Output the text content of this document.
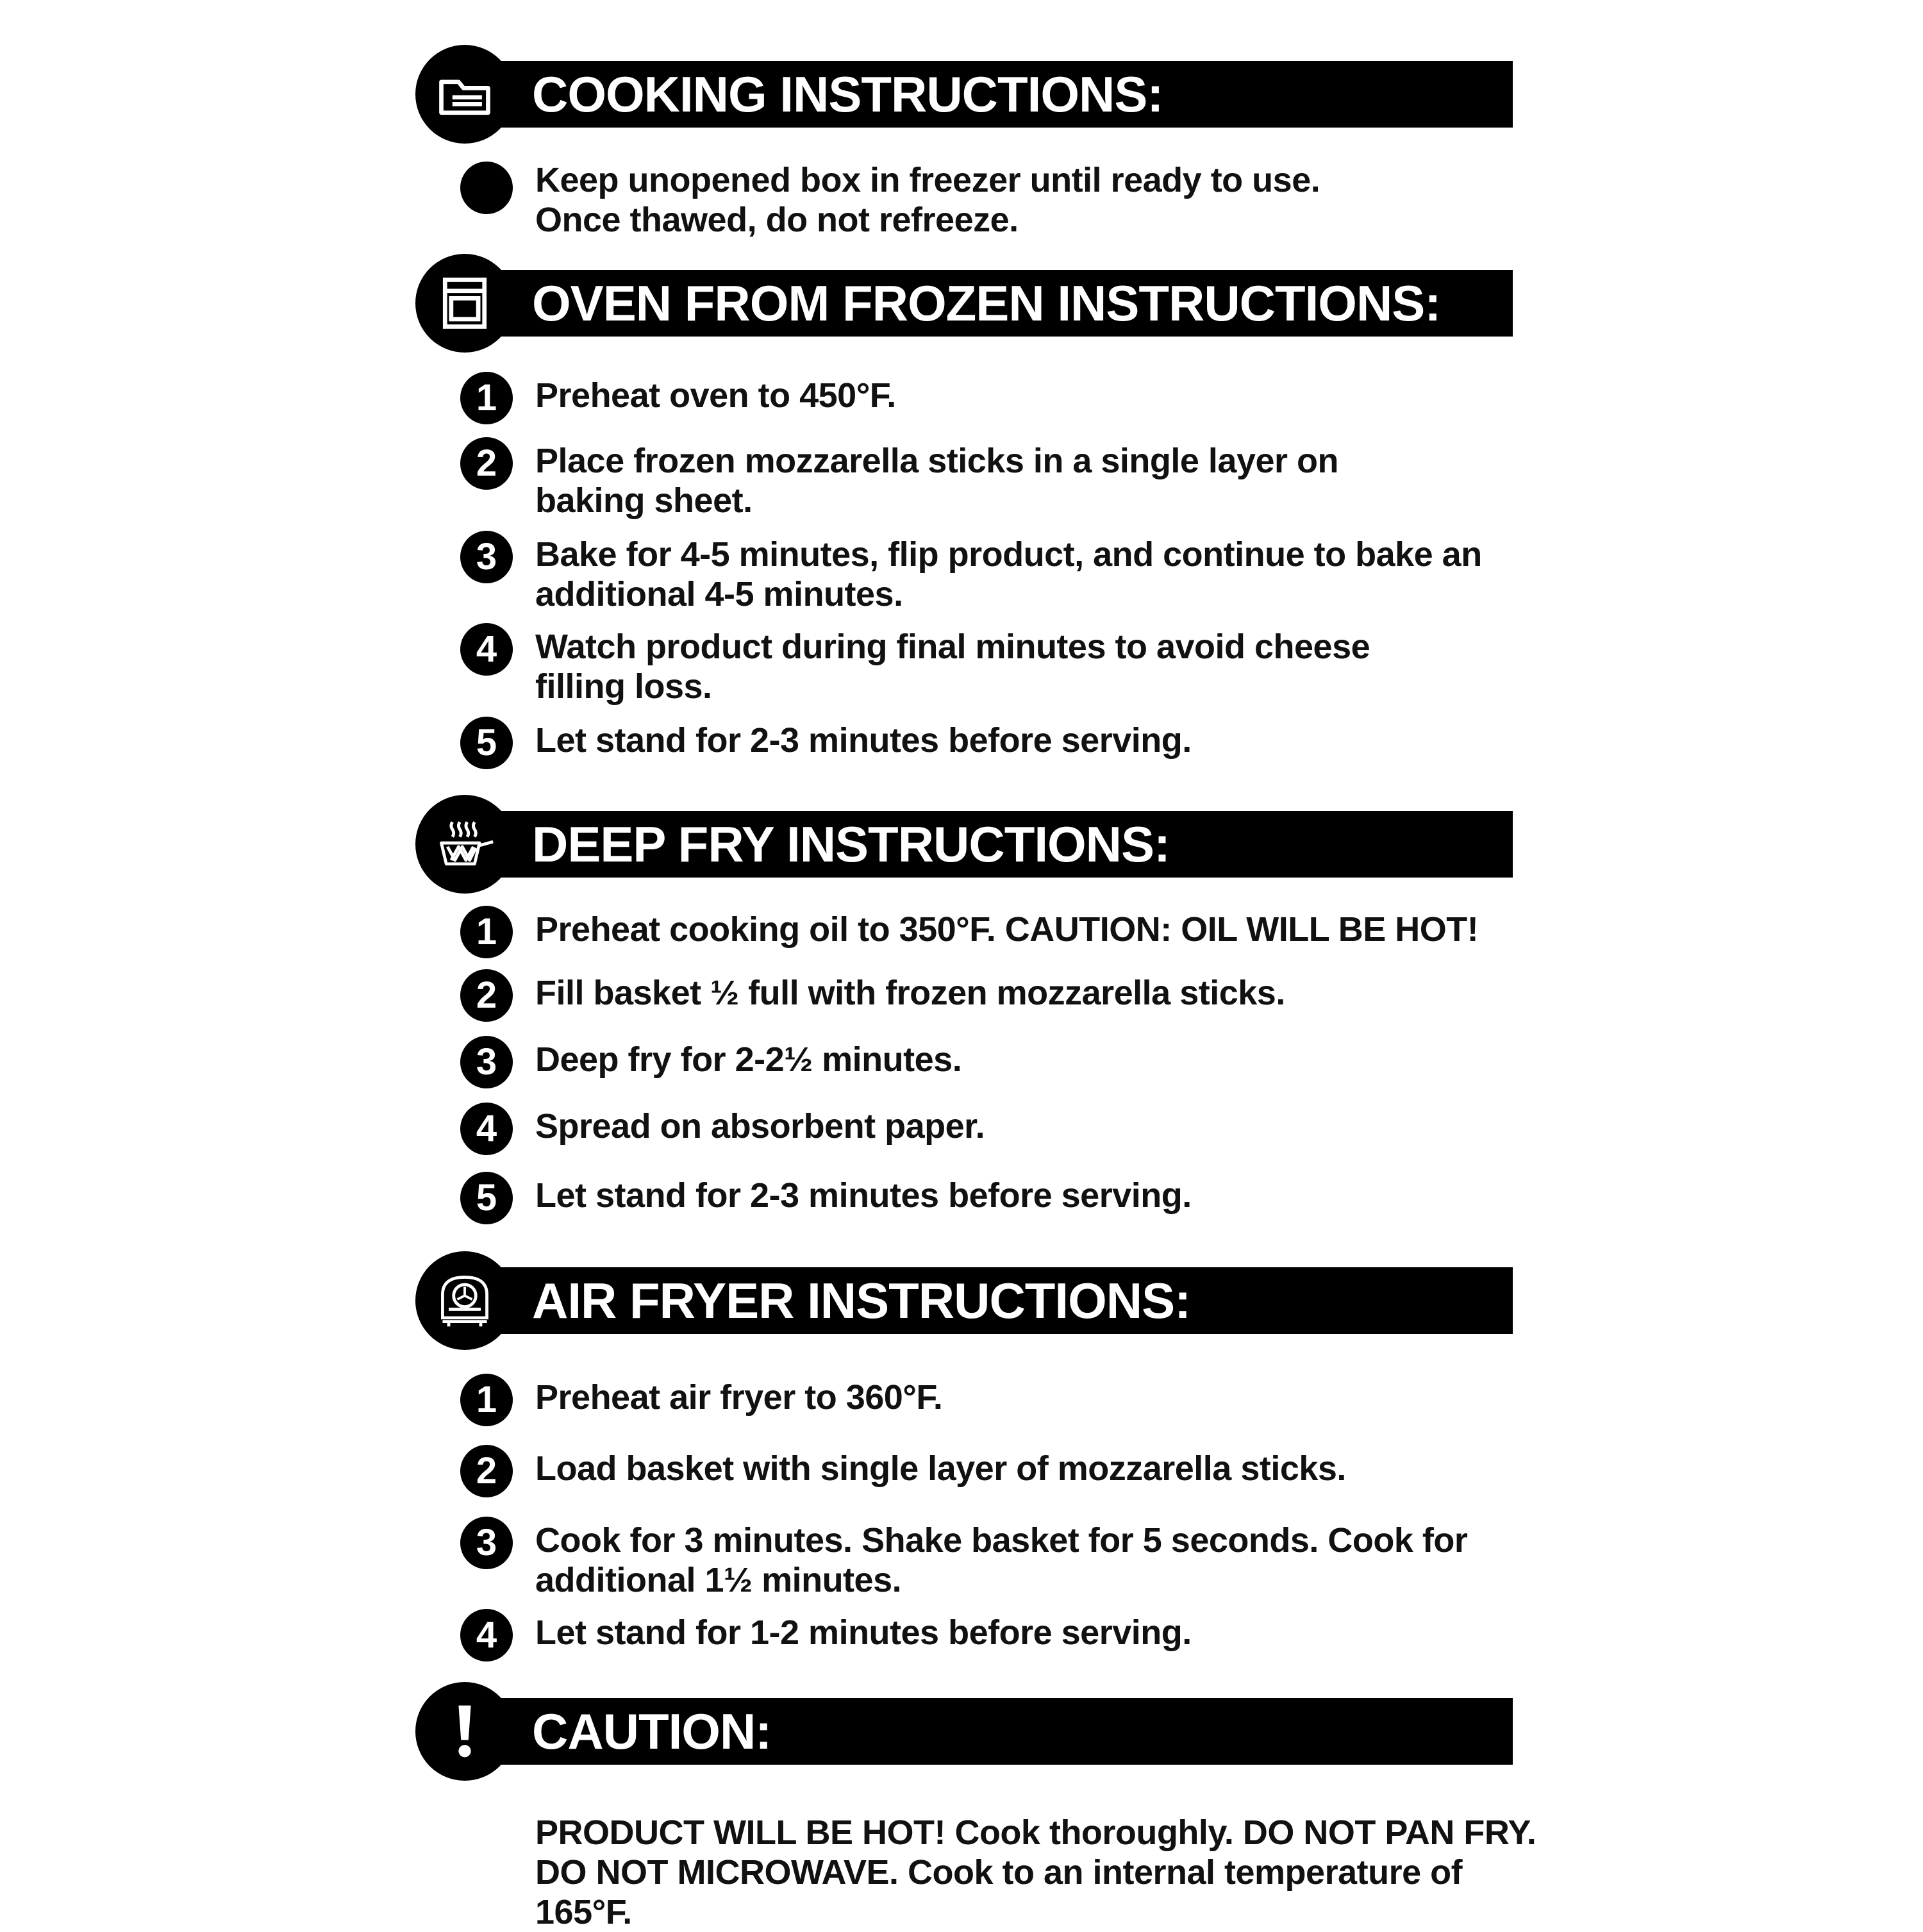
COOKING INSTRUCTIONS:
Keep unopened box in freezer until ready to use.
Once thawed, do not refreeze.
OVEN FROM FROZEN INSTRUCTIONS:
1	Preheat oven to 450°F.
2	Place frozen mozzarella sticks in a single layer on
baking sheet.
3	Bake for 4-5 minutes, flip product, and continue to bake an
additional 4-5 minutes.
4	Watch product during final minutes to avoid cheese
filling loss.
5	Let stand for 2-3 minutes before serving.
DEEP FRY INSTRUCTIONS:
1	Preheat cooking oil to 350°F. CAUTION: OIL WILL BE HOT!
2	Fill basket ½ full with frozen mozzarella sticks.
3	Deep fry for 2-2½ minutes.
4	Spread on absorbent paper.
5	Let stand for 2-3 minutes before serving.
AIR FRYER INSTRUCTIONS:
1	Preheat air fryer to 360°F.
2	Load basket with single layer of mozzarella sticks.
3	Cook for 3 minutes. Shake basket for 5 seconds. Cook for
additional 1½ minutes.
4	Let stand for 1-2 minutes before serving.
CAUTION:
PRODUCT WILL BE HOT! Cook thoroughly. DO NOT PAN FRY.
DO NOT MICROWAVE. Cook to an internal temperature of 165°F.
